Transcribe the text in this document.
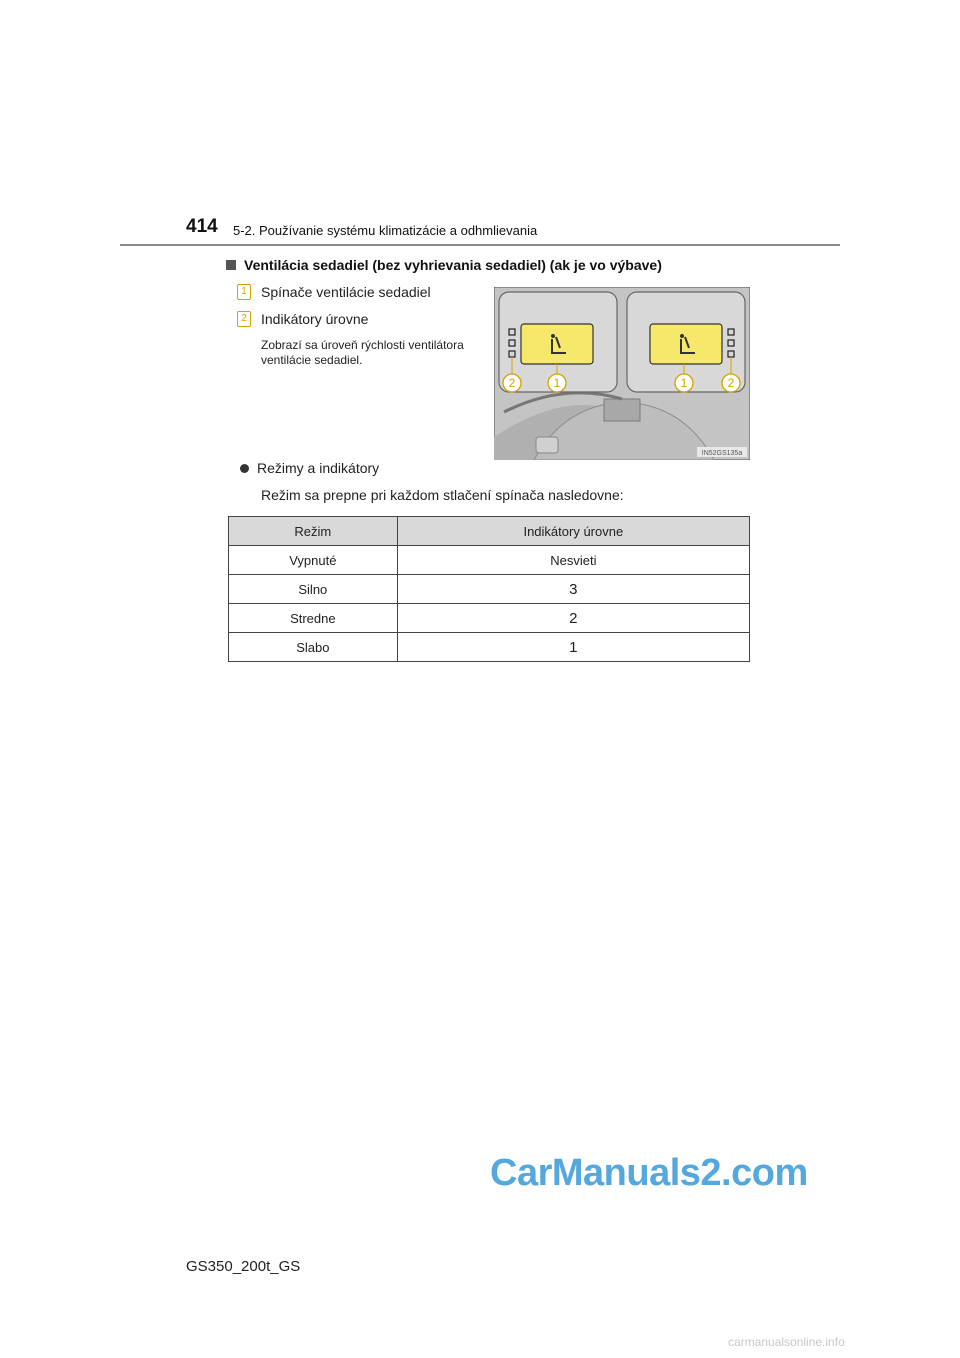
414 5-2. Používanie systému klimatizácie a odhmlievania
Ventilácia sedadiel (bez vyhrievania sedadiel) (ak je vo výbave)
1	Spínače ventilácie sedadiel
2	Indikátory úrovne
Zobrazí sa úroveň rýchlosti ventilátora ventilácie sedadiel.
2	1	1	2
IN52GS135a
Režimy a indikátory
Režim sa prepne pri každom stlačení spínača nasledovne:
Režim	Indikátory úrovne
Vypnuté	Nesvieti
Silno	3
Stredne	2
Slabo	1
CarManuals2.com
GS350_200t_GS
carmanualsonline.info
